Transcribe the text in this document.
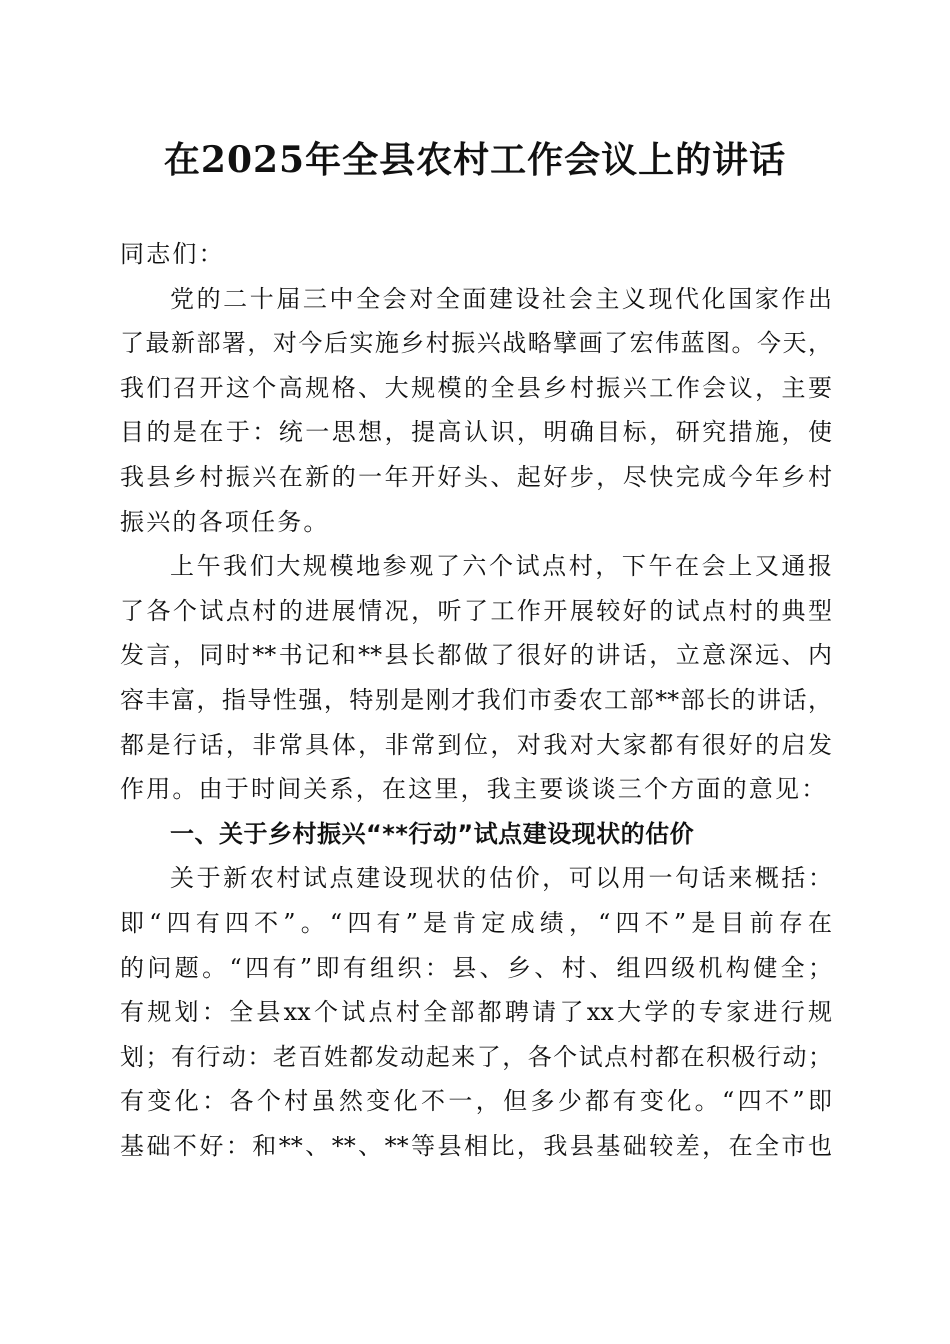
在2025年全县农村工作会议上的讲话
同志们：
党的二十届三中全会对全面建设社会主义现代化国家作出
了最新部署，对今后实施乡村振兴战略擘画了宏伟蓝图。今天，
我们召开这个高规格、大规模的全县乡村振兴工作会议，主要
目的是在于：统一思想，提高认识，明确目标，研究措施，使
我县乡村振兴在新的一年开好头、起好步，尽快完成今年乡村
振兴的各项任务。
上午我们大规模地参观了六个试点村，下午在会上又通报
了各个试点村的进展情况，听了工作开展较好的试点村的典型
发言，同时**书记和**县长都做了很好的讲话，立意深远、内
容丰富，指导性强，特别是刚才我们市委农工部**部长的讲话，
都是行话，非常具体，非常到位，对我对大家都有很好的启发
作用。由于时间关系，在这里，我主要谈谈三个方面的意见：
一、关于乡村振兴“**行动”试点建设现状的估价
关于新农村试点建设现状的估价，可以用一句话来概括：
即“四有四不”。“四有”是肯定成绩，“四不”是目前存在
的问题。“四有”即有组织：县、乡、村、组四级机构健全；
有规划：全县xx个试点村全部都聘请了xx大学的专家进行规
划；有行动：老百姓都发动起来了，各个试点村都在积极行动；
有变化：各个村虽然变化不一，但多少都有变化。“四不”即
基础不好：和**、**、**等县相比，我县基础较差，在全市也
